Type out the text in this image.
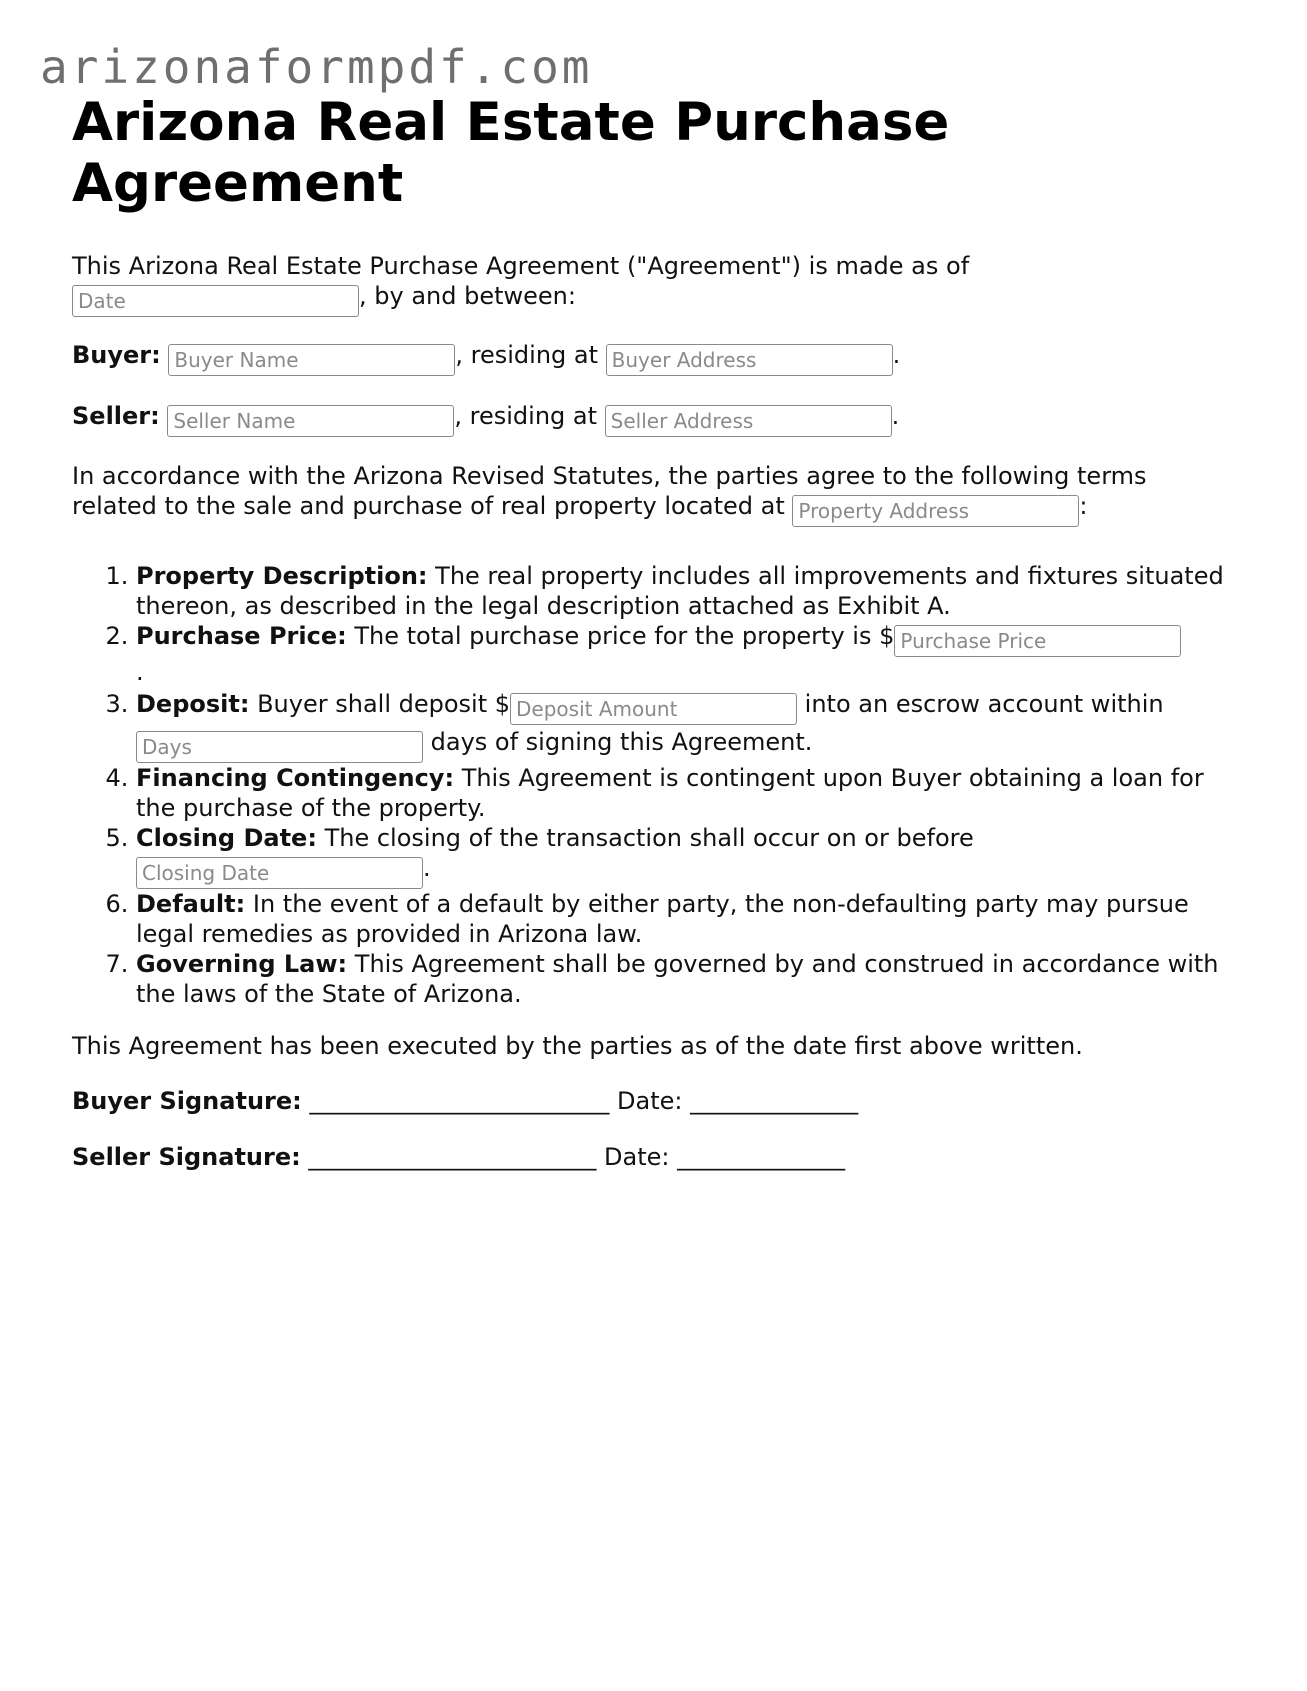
arizonaformpdf.com
Arizona Real Estate Purchase Agreement

This Arizona Real Estate Purchase Agreement ("Agreement") is made as of
Date, by and between:

Buyer: Buyer Name	, residing at Buyer Address	.

Seller: Seller Name	, residing at Seller Address	.

In accordance with the Arizona Revised Statutes, the parties agree to the following terms related to the sale and purchase of real property located at Property Address	:

1. Property Description: The real property includes all improvements and fixtures situated thereon, as described in the legal description attached as Exhibit A.
2. Purchase Price: The total purchase price for the property is $Purchase Price
.
3. Deposit: Buyer shall deposit $Deposit Amount	into an escrow account within
Days days of signing this Agreement.
4. Financing Contingency: This Agreement is contingent upon Buyer obtaining a loan for the purchase of the property.
5. Closing Date: The closing of the transaction shall occur on or before
Closing Date.
6. Default: In the event of a default by either party, the non-defaulting party may pursue legal remedies as provided in Arizona law.
7. Governing Law: This Agreement shall be governed by and construed in accordance with the laws of the State of Arizona.

This Agreement has been executed by the parties as of the date first above written.

Buyer Signature: _________________________ Date: ______________

Seller Signature: ________________________ Date: ______________
